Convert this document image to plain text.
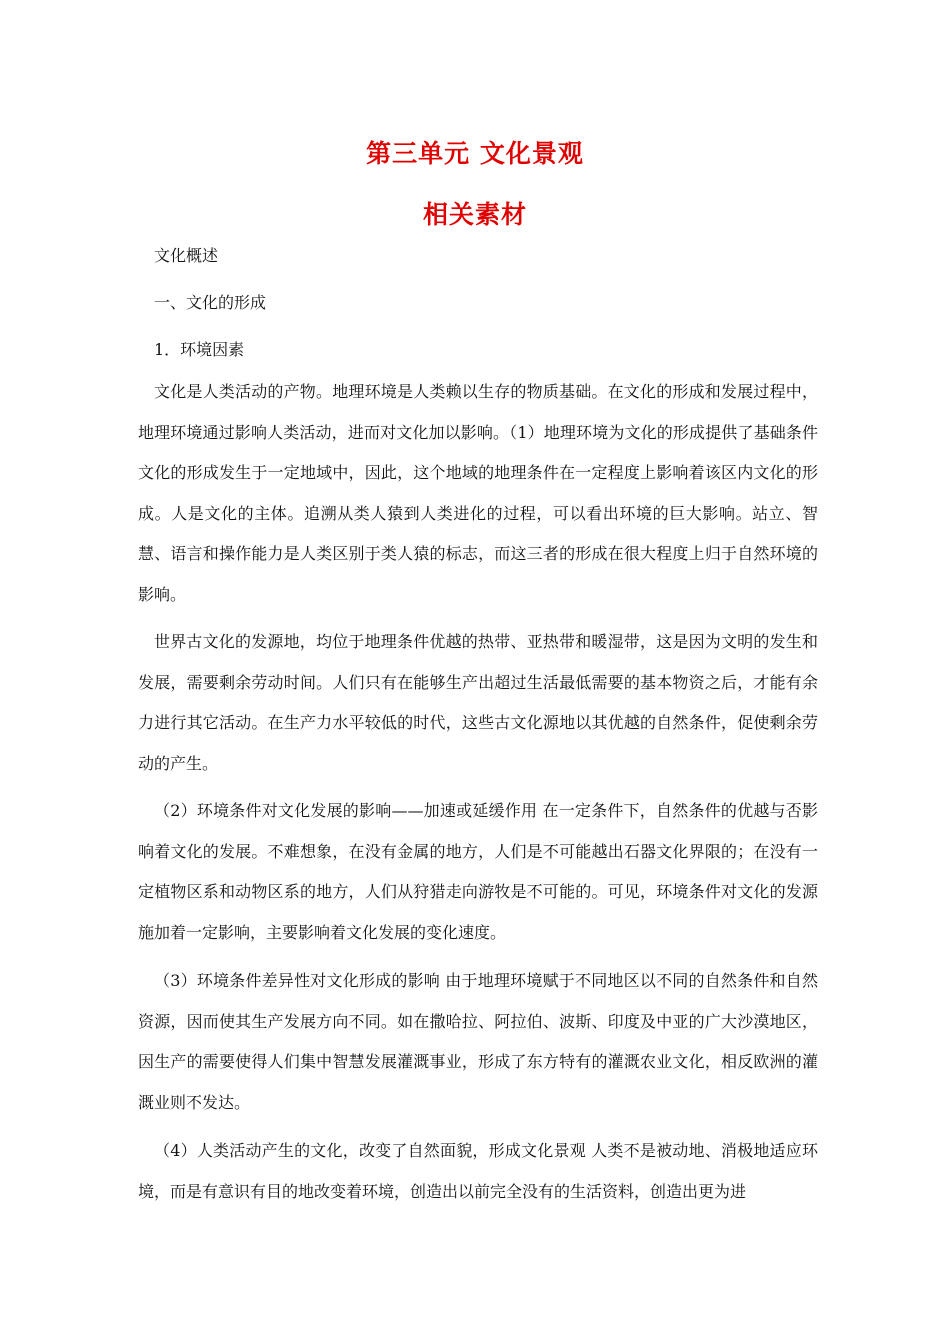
第三单元 文化景观
相关素材

文化概述

一、文化的形成

1．环境因素

文化是人类活动的产物。地理环境是人类赖以生存的物质基础。在文化的形成和发展过程中，地理环境通过影响人类活动，进而对文化加以影响。（1）地理环境为文化的形成提供了基础条件 文化的形成发生于一定地域中，因此，这个地域的地理条件在一定程度上影响着该区内文化的形成。人是文化的主体。追溯从类人猿到人类进化的过程，可以看出环境的巨大影响。站立、智慧、语言和操作能力是人类区别于类人猿的标志，而这三者的形成在很大程度上归于自然环境的影响。

世界古文化的发源地，均位于地理条件优越的热带、亚热带和暖湿带，这是因为文明的发生和发展，需要剩余劳动时间。人们只有在能够生产出超过生活最低需要的基本物资之后，才能有余力进行其它活动。在生产力水平较低的时代，这些古文化源地以其优越的自然条件，促使剩余劳动的产生。

（2）环境条件对文化发展的影响——加速或延缓作用 在一定条件下，自然条件的优越与否影响着文化的发展。不难想象，在没有金属的地方，人们是不可能越出石器文化界限的；在没有一定植物区系和动物区系的地方，人们从狩猎走向游牧是不可能的。可见，环境条件对文化的发源施加着一定影响，主要影响着文化发展的变化速度。

（3）环境条件差异性对文化形成的影响 由于地理环境赋于不同地区以不同的自然条件和自然资源，因而使其生产发展方向不同。如在撒哈拉、阿拉伯、波斯、印度及中亚的广大沙漠地区，因生产的需要使得人们集中智慧发展灌溉事业，形成了东方特有的灌溉农业文化，相反欧洲的灌溉业则不发达。

（4）人类活动产生的文化，改变了自然面貌，形成文化景观 人类不是被动地、消极地适应环境，而是有意识有目的地改变着环境，创造出以前完全没有的生活资料，创造出更为进
